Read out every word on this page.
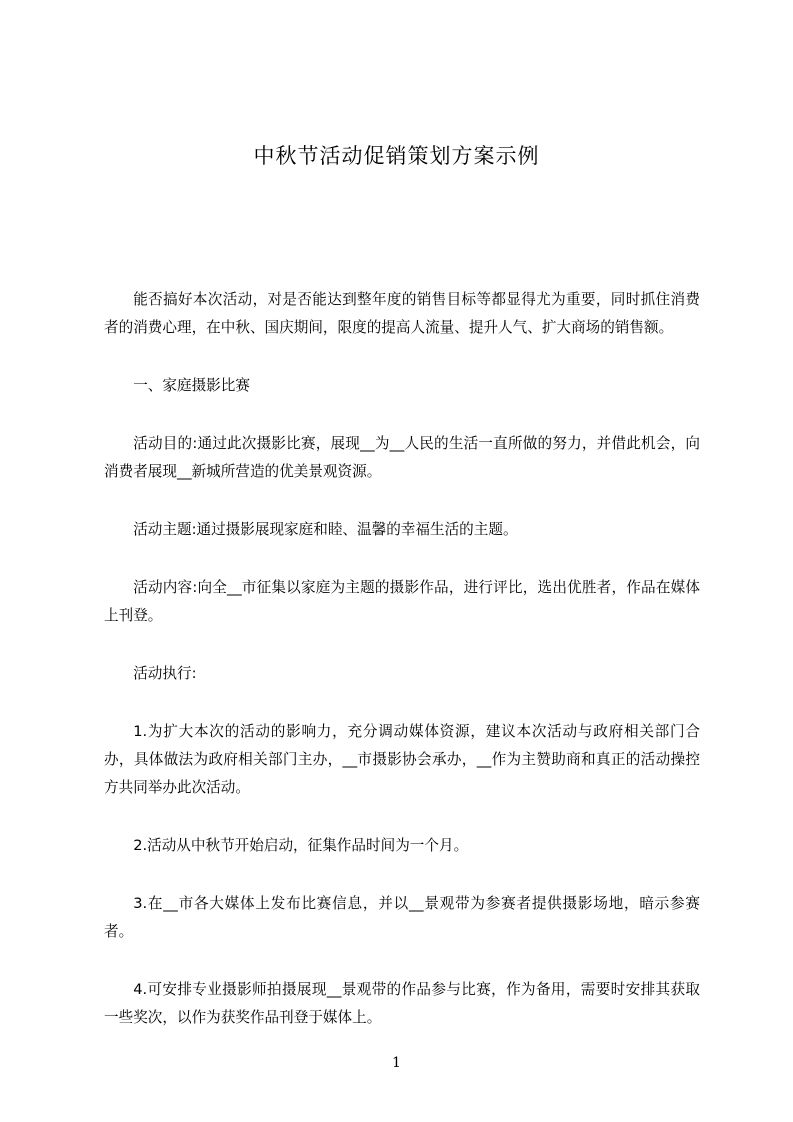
中秋节活动促销策划方案示例

能否搞好本次活动，对是否能达到整年度的销售目标等都显得尤为重要，同时抓住消费者的消费心理，在中秋、国庆期间，限度的提高人流量、提升人气、扩大商场的销售额。

一、家庭摄影比赛

活动目的:通过此次摄影比赛，展现__为__人民的生活一直所做的努力，并借此机会，向消费者展现__新城所营造的优美景观资源。

活动主题:通过摄影展现家庭和睦、温馨的幸福生活的主题。

活动内容:向全__市征集以家庭为主题的摄影作品，进行评比，选出优胜者，作品在媒体上刊登。

活动执行:

1.为扩大本次的活动的影响力，充分调动媒体资源，建议本次活动与政府相关部门合办，具体做法为政府相关部门主办，__市摄影协会承办，__作为主赞助商和真正的活动操控方共同举办此次活动。

2.活动从中秋节开始启动，征集作品时间为一个月。

3.在__市各大媒体上发布比赛信息，并以__景观带为参赛者提供摄影场地，暗示参赛者。

4.可安排专业摄影师拍摄展现__景观带的作品参与比赛，作为备用，需要时安排其获取一些奖次，以作为获奖作品刊登于媒体上。

1
